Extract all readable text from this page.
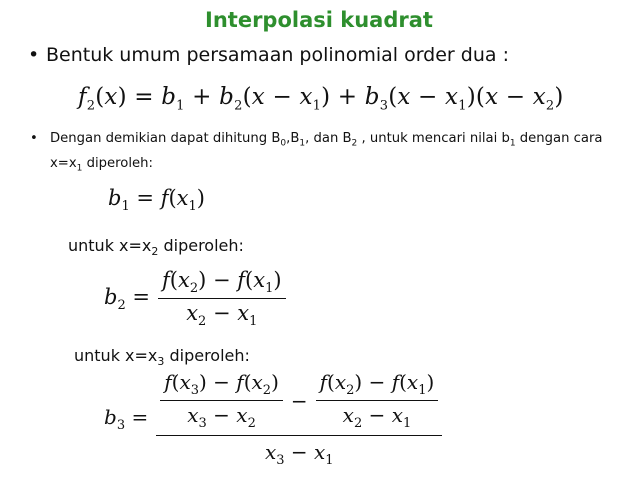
Interpolasi kuadrat
• Bentuk umum persamaan polinomial order dua :
$f_2(x) = b_1 + b_2(x - x_1) + b_3(x - x_1)(x - x_2)$
• Dengan demikian dapat dihitung $B_0,B_1$, dan $B_2$ , untuk mencari nilai $b_1$ dengan cara $x=x_1$ diperoleh:
$b_1 = f(x_1)$
untuk $x=x_2$ diperoleh:
$b_2 = \frac{f(x_2) - f(x_1)}{x_2 - x_1}$
untuk $x=x_3$ diperoleh:
$b_3 = \frac{f(x_3) - f(x_2)}{x_3 - x_2} - \frac{f(x_2) - f(x_1)}{x_2 - x_1}$
$x_3 - x_1$
